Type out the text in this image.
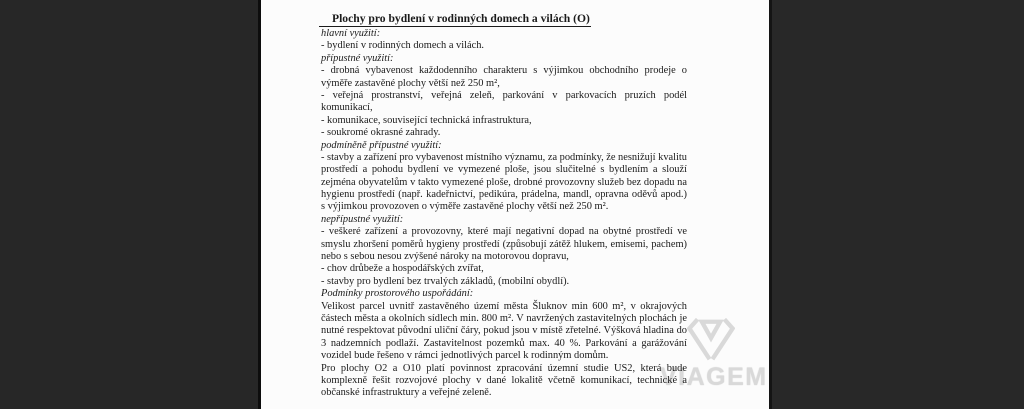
VIAGEM
Plochy pro bydlení v rodinných domech a vilách (O)
hlavní využití:
- bydlení v rodinných domech a vilách.
přípustné využití:
- drobná vybavenost každodenního charakteru s výjimkou obchodního prodeje o
výměře zastavěné plochy větší než 250 m²,
- veřejná prostranství, veřejná zeleň, parkování v parkovacích pruzích podél
komunikací,
- komunikace, související technická infrastruktura,
- soukromé okrasné zahrady.
podmíněně přípustné využití:
- stavby a zařízení pro vybavenost místního významu, za podmínky, že nesnižují kvalitu
prostředí a pohodu bydlení ve vymezené ploše, jsou slučitelné s bydlením a slouží
zejména obyvatelům v takto vymezené ploše, drobné provozovny služeb bez dopadu na
hygienu prostředí (např. kadeřnictví, pedikúra, prádelna, mandl, opravna oděvů apod.)
s výjimkou provozoven o výměře zastavěné plochy větší než 250 m².
nepřípustné využití:
- veškeré zařízení a provozovny, které mají negativní dopad na obytné prostředí ve
smyslu zhoršení poměrů hygieny prostředí (způsobují zátěž hlukem, emisemi, pachem)
nebo s sebou nesou zvýšené nároky na motorovou dopravu,
- chov drůbeže a hospodářských zvířat,
- stavby pro bydlení bez trvalých základů, (mobilní obydlí).
Podmínky prostorového uspořádání:
Velikost parcel uvnitř zastavěného území města Šluknov min 600 m², v okrajových
částech města a okolních sídlech min. 800 m². V navržených zastavitelných plochách je
nutné respektovat původní uliční čáry, pokud jsou v místě zřetelné. Výšková hladina do
3 nadzemních podlaží. Zastavitelnost pozemků max. 40 %. Parkování a garážování
vozidel bude řešeno v rámci jednotlivých parcel k rodinným domům.
Pro plochy O2 a O10 platí povinnost zpracování územní studie US2, která bude
komplexně řešit rozvojové plochy v dané lokalitě včetně komunikací, technické a
občanské infrastruktury a veřejné zeleně.
